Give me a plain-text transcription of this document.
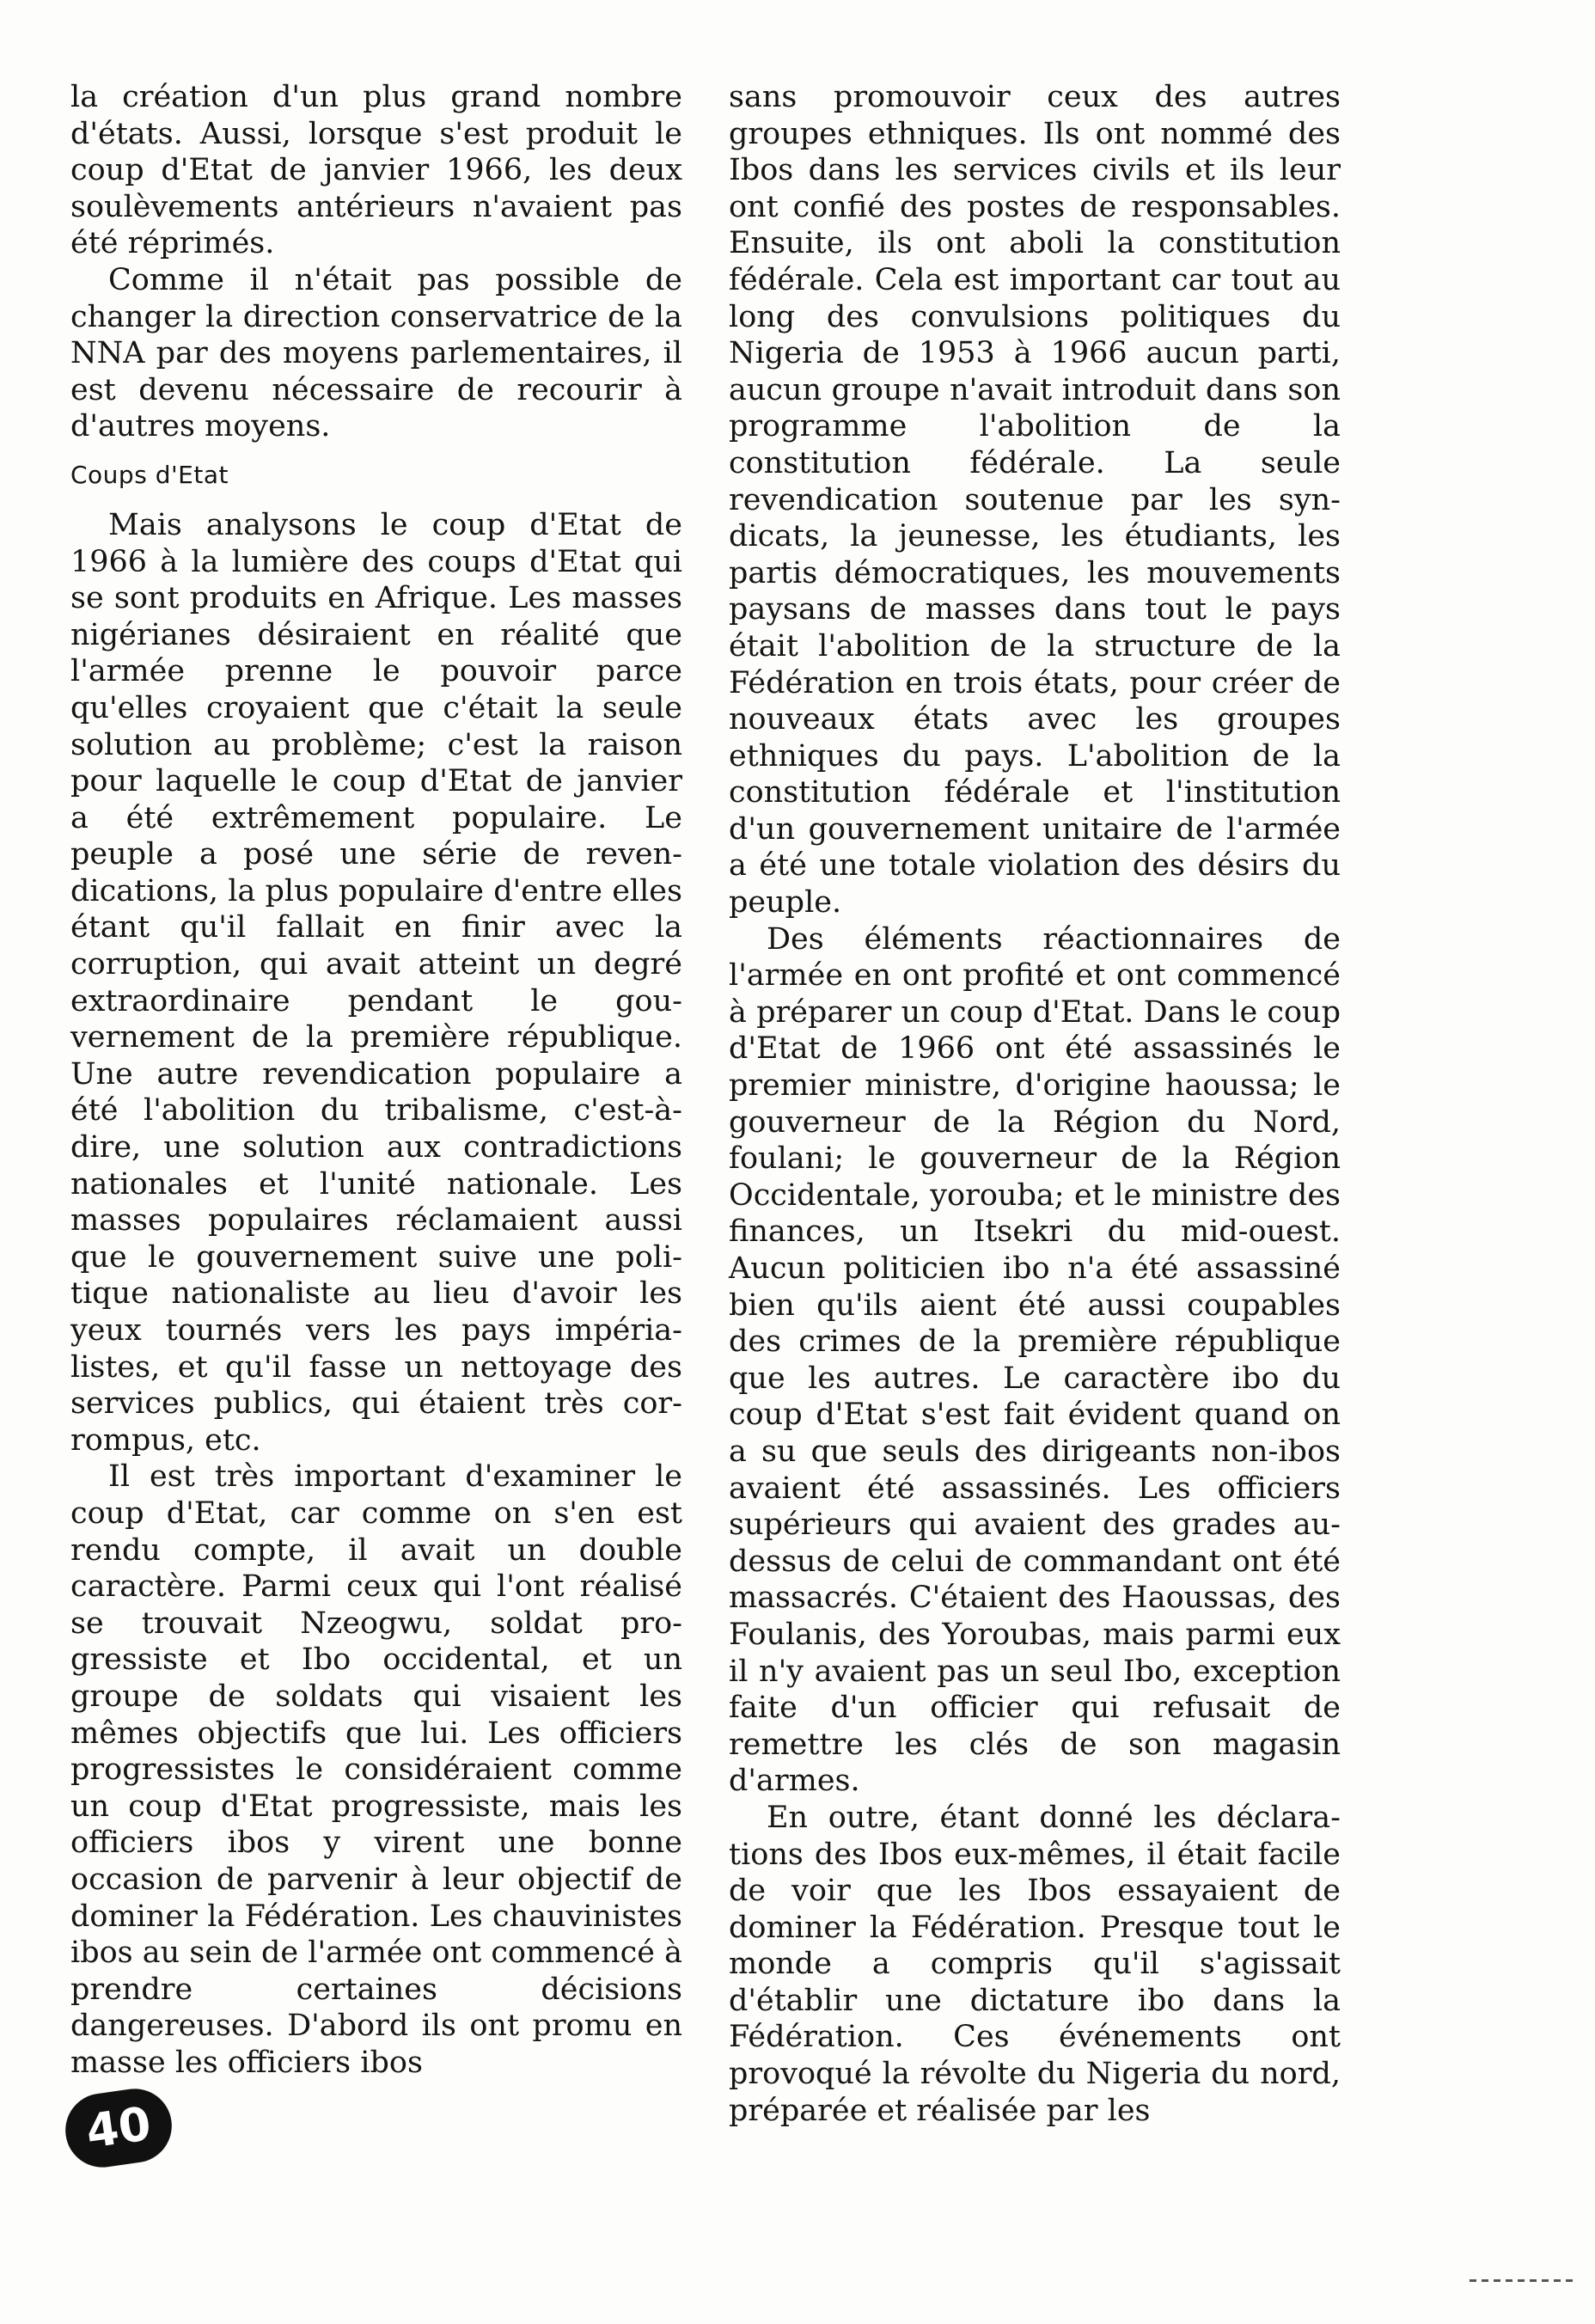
la création d'un plus grand nombre d'états. Aussi, lorsque s'est produit le coup d'Etat de janvier 1966, les deux soulèvements antérieurs n'avaient pas été réprimés.

Comme il n'était pas possible de changer la direction conservatrice de la NNA par des moyens parlementaires, il est devenu nécessaire de recourir à d'autres moyens.

Coups d'Etat

Mais analysons le coup d'Etat de 1966 à la lumière des coups d'Etat qui se sont produits en Afrique. Les masses nigérianes désiraient en réalité que l'armée prenne le pouvoir parce qu'elles croyaient que c'était la seule solution au problème; c'est la raison pour laquelle le coup d'Etat de janvier a été extrêmement populaire. Le peuple a posé une série de revendications, la plus populaire d'entre elles étant qu'il fallait en finir avec la corruption, qui avait atteint un degré extraordinaire pendant le gouvernement de la première république. Une autre revendication populaire a été l'abolition du tribalisme, c'est-à-dire, une solution aux contradictions nationales et l'unité nationale. Les masses populaires réclamaient aussi que le gouvernement suive une politique nationaliste au lieu d'avoir les yeux tournés vers les pays impérialistes, et qu'il fasse un nettoyage des services publics, qui étaient très corrompus, etc.

Il est très important d'examiner le coup d'Etat, car comme on s'en est rendu compte, il avait un double caractère. Parmi ceux qui l'ont réalisé se trouvait Nzeogwu, soldat progressiste et Ibo occidental, et un groupe de soldats qui visaient les mêmes objectifs que lui. Les officiers progressistes le considéraient comme un coup d'Etat progressiste, mais les officiers ibos y virent une bonne occasion de parvenir à leur objectif de dominer la Fédération. Les chauvinistes ibos au sein de l'armée ont commencé à prendre certaines décisions dangereuses. D'abord ils ont promu en masse les officiers ibos

sans promouvoir ceux des autres groupes ethniques. Ils ont nommé des Ibos dans les services civils et ils leur ont confié des postes de responsables. Ensuite, ils ont aboli la constitution fédérale. Cela est important car tout au long des convulsions politiques du Nigeria de 1953 à 1966 aucun parti, aucun groupe n'avait introduit dans son programme l'abolition de la constitution fédérale. La seule revendication soutenue par les syndicats, la jeunesse, les étudiants, les partis démocratiques, les mouvements paysans de masses dans tout le pays était l'abolition de la structure de la Fédération en trois états, pour créer de nouveaux états avec les groupes ethniques du pays. L'abolition de la constitution fédérale et l'institution d'un gouvernement unitaire de l'armée a été une totale violation des désirs du peuple.

Des éléments réactionnaires de l'armée en ont profité et ont commencé à préparer un coup d'Etat. Dans le coup d'Etat de 1966 ont été assassinés le premier ministre, d'origine haoussa; le gouverneur de la Région du Nord, foulani; le gouverneur de la Région Occidentale, yorouba; et le ministre des finances, un Itsekri du mid-ouest. Aucun politicien ibo n'a été assassiné bien qu'ils aient été aussi coupables des crimes de la première république que les autres. Le caractère ibo du coup d'Etat s'est fait évident quand on a su que seuls des dirigeants non-ibos avaient été assassinés. Les officiers supérieurs qui avaient des grades au-dessus de celui de commandant ont été massacrés. C'étaient des Haoussas, des Foulanis, des Yoroubas, mais parmi eux il n'y avaient pas un seul Ibo, exception faite d'un officier qui refusait de remettre les clés de son magasin d'armes.

En outre, étant donné les déclarations des Ibos eux-mêmes, il était facile de voir que les Ibos essayaient de dominer la Fédération. Presque tout le monde a compris qu'il s'agissait d'établir une dictature ibo dans la Fédération. Ces événements ont provoqué la révolte du Nigeria du nord, préparée et réalisée par les

40
